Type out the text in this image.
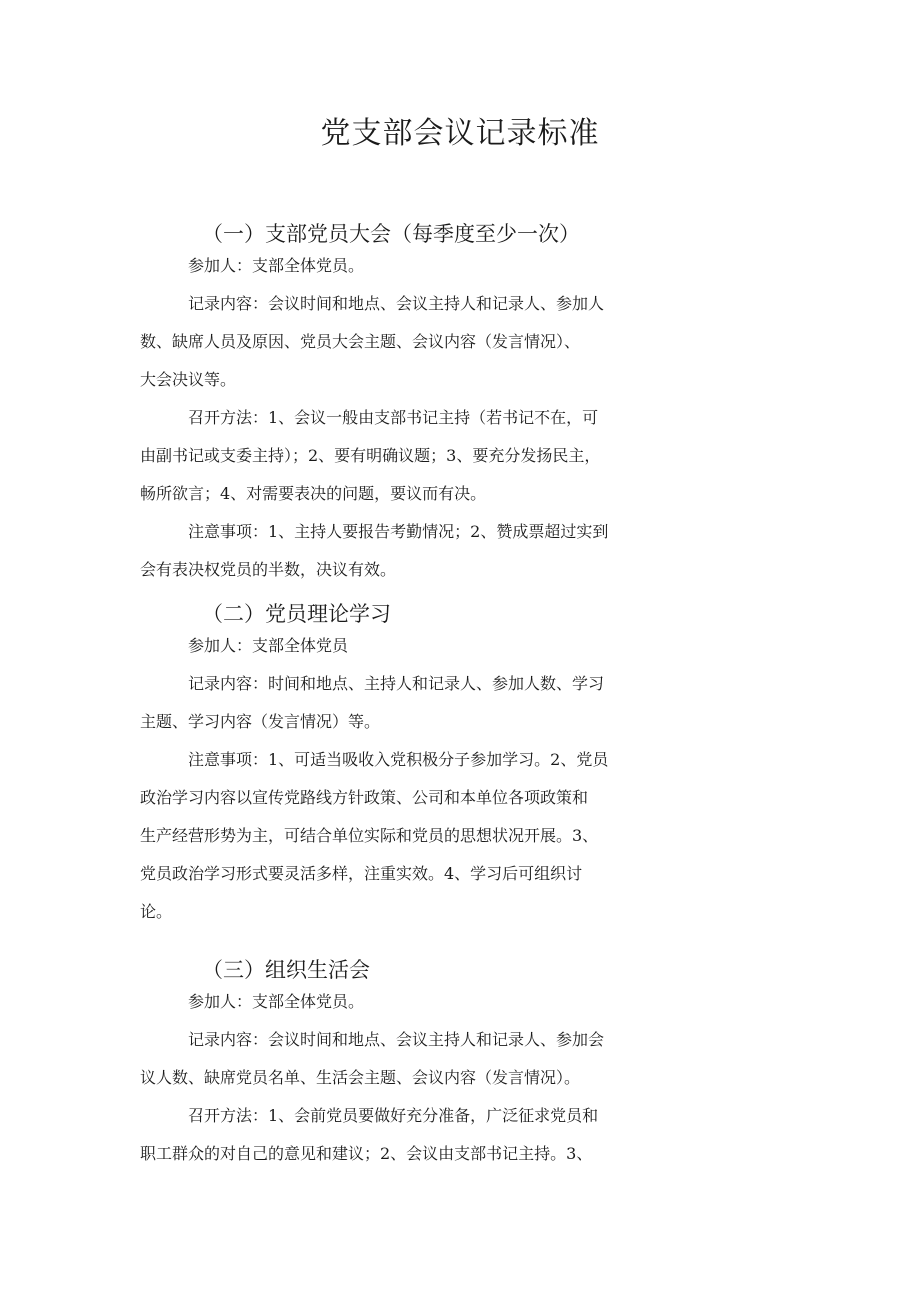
党支部会议记录标准
（一）支部党员大会（每季度至少一次）
参加人：支部全体党员。
记录内容：会议时间和地点、会议主持人和记录人、参加人
数、缺席人员及原因、党员大会主题、会议内容（发言情况）、
大会决议等。
召开方法：1、会议一般由支部书记主持（若书记不在，可
由副书记或支委主持）；2、要有明确议题；3、要充分发扬民主，
畅所欲言；4、对需要表决的问题，要议而有决。
注意事项：1、主持人要报告考勤情况；2、赞成票超过实到
会有表决权党员的半数，决议有效。
（二）党员理论学习
参加人：支部全体党员
记录内容：时间和地点、主持人和记录人、参加人数、学习
主题、学习内容（发言情况）等。
注意事项：1、可适当吸收入党积极分子参加学习。2、党员
政治学习内容以宣传党路线方针政策、公司和本单位各项政策和
生产经营形势为主，可结合单位实际和党员的思想状况开展。3、
党员政治学习形式要灵活多样，注重实效。4、学习后可组织讨
论。
（三）组织生活会
参加人：支部全体党员。
记录内容：会议时间和地点、会议主持人和记录人、参加会
议人数、缺席党员名单、生活会主题、会议内容（发言情况）。
召开方法：1、会前党员要做好充分准备，广泛征求党员和
职工群众的对自己的意见和建议；2、会议由支部书记主持。3、
